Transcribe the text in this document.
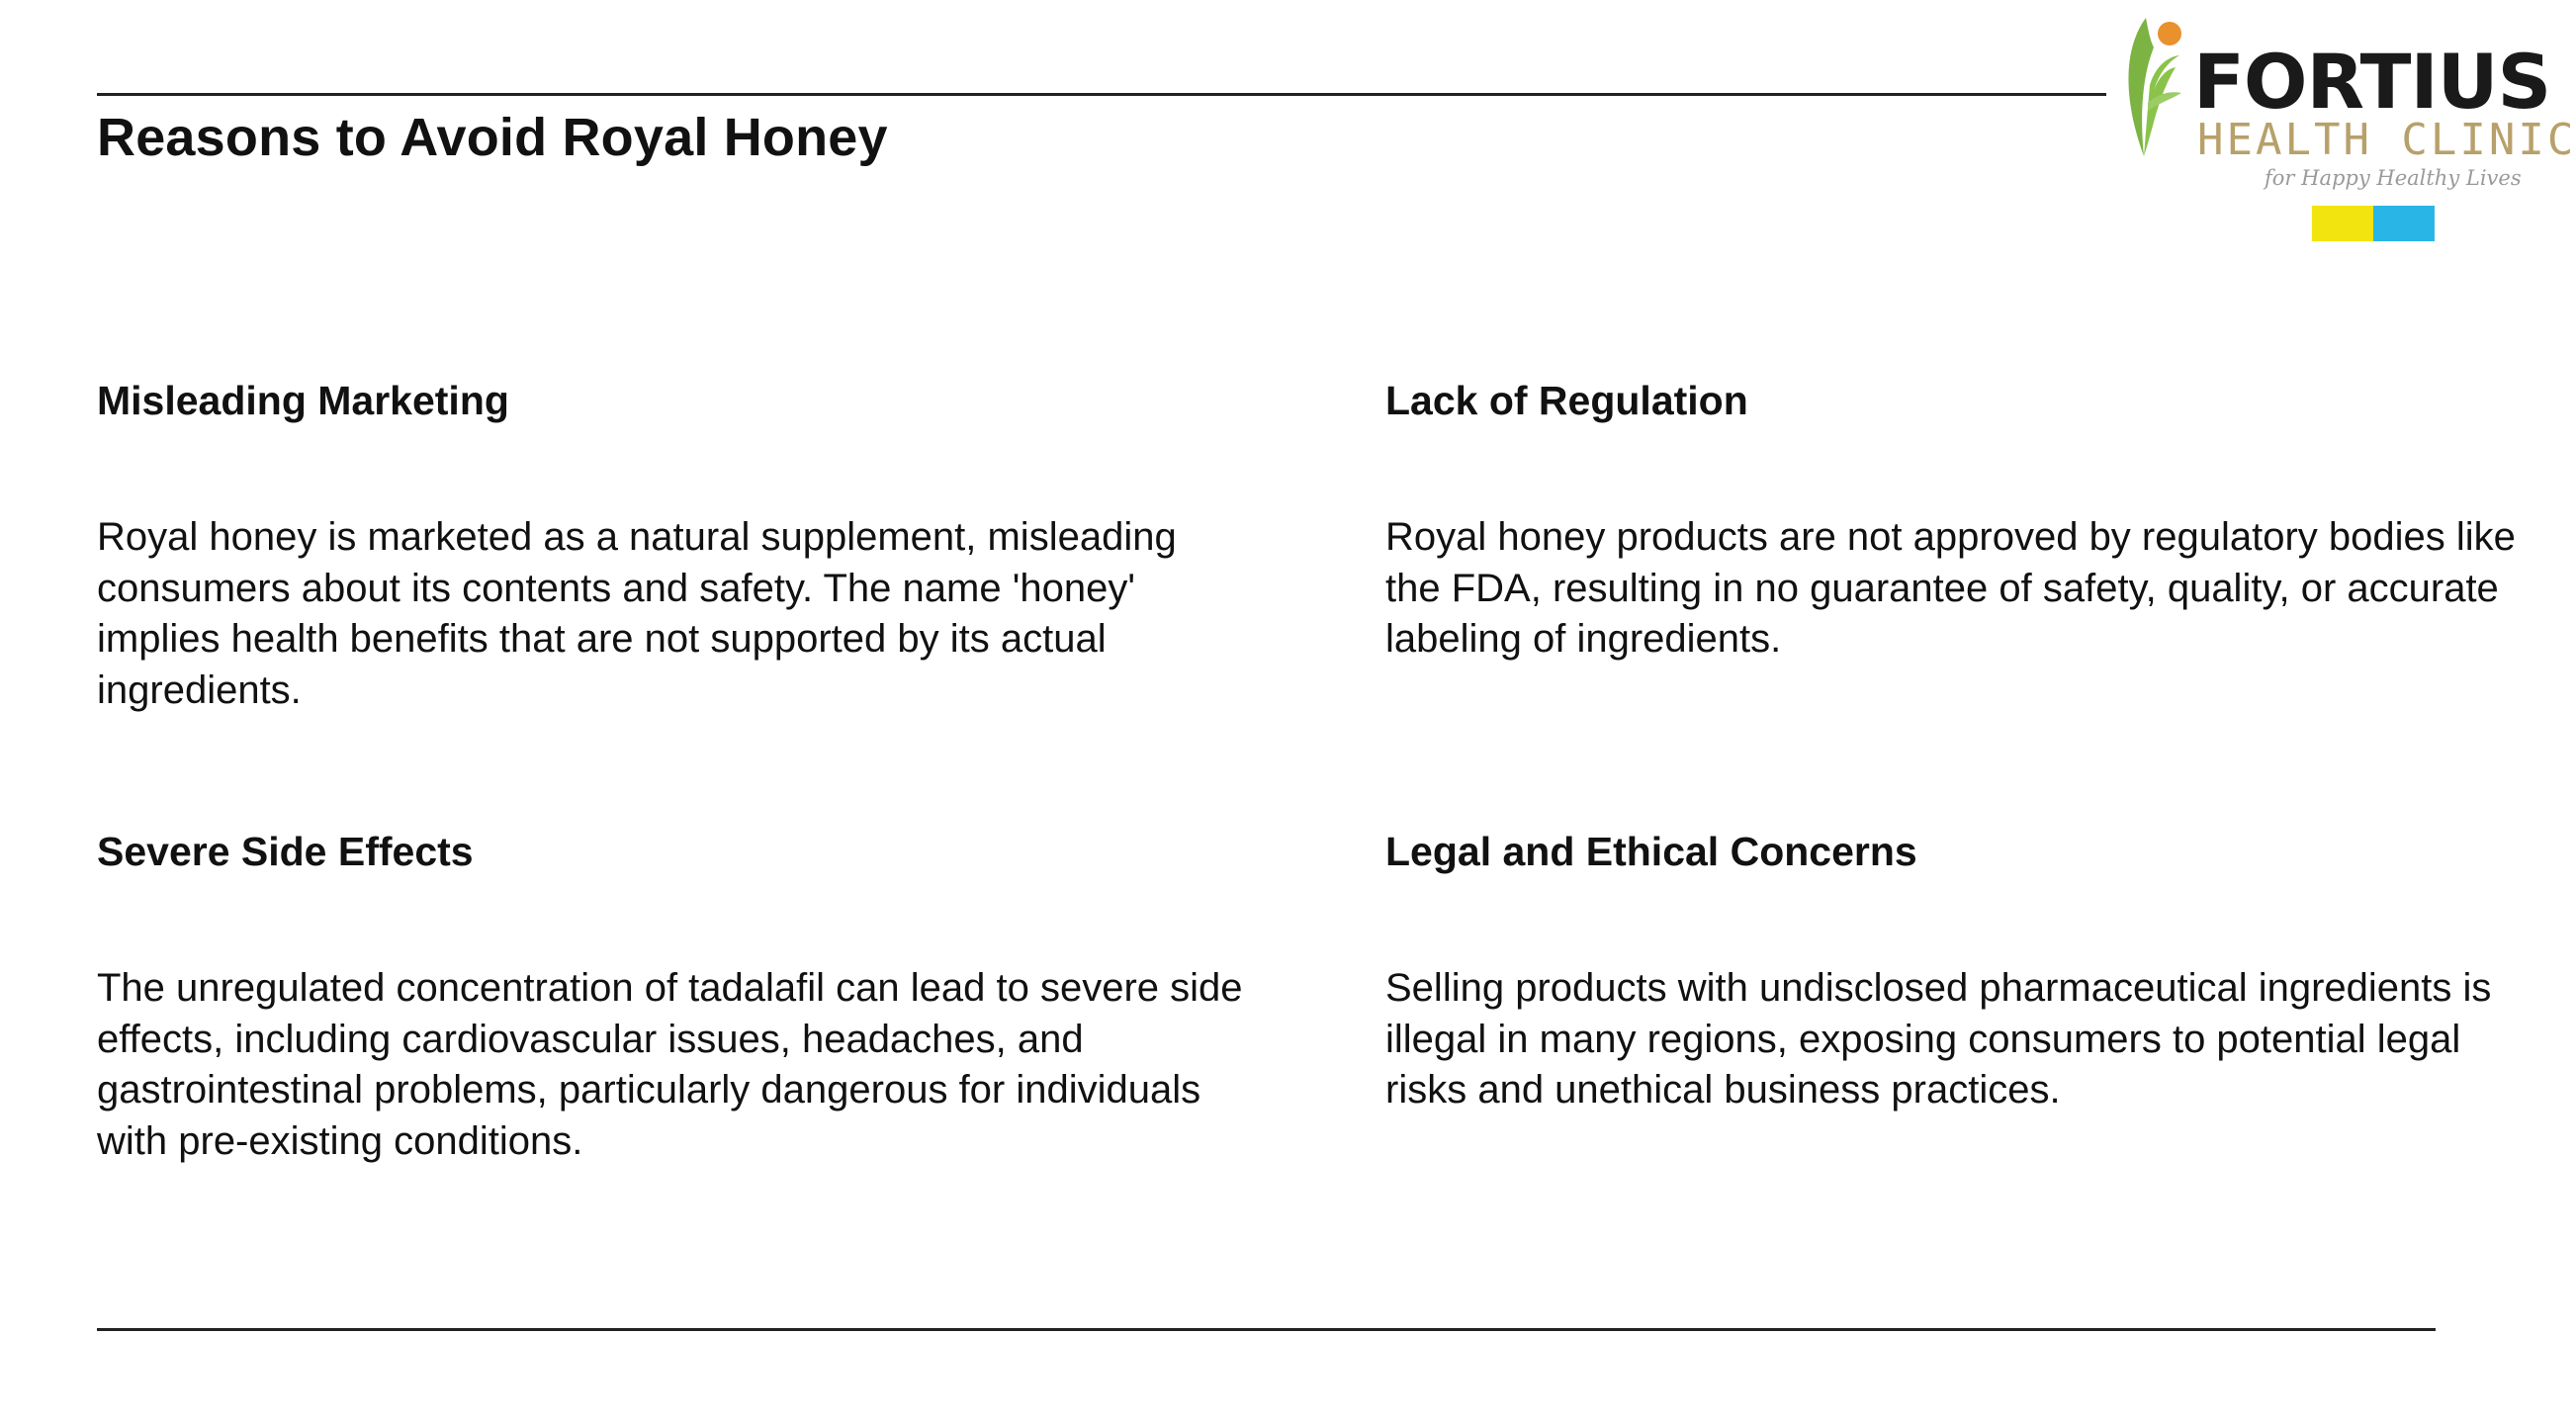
Reasons to Avoid Royal Honey
FORTIUS
HEALTH CLINIC
for Happy Healthy Lives
Misleading Marketing

Royal honey is marketed as a natural supplement, misleading consumers about its contents and safety. The name 'honey' implies health benefits that are not supported by its actual ingredients.

Lack of Regulation

Royal honey products are not approved by regulatory bodies like the FDA, resulting in no guarantee of safety, quality, or accurate labeling of ingredients.

Severe Side Effects

The unregulated concentration of tadalafil can lead to severe side effects, including cardiovascular issues, headaches, and gastrointestinal problems, particularly dangerous for individuals with pre-existing conditions.

Legal and Ethical Concerns

Selling products with undisclosed pharmaceutical ingredients is illegal in many regions, exposing consumers to potential legal risks and unethical business practices.
